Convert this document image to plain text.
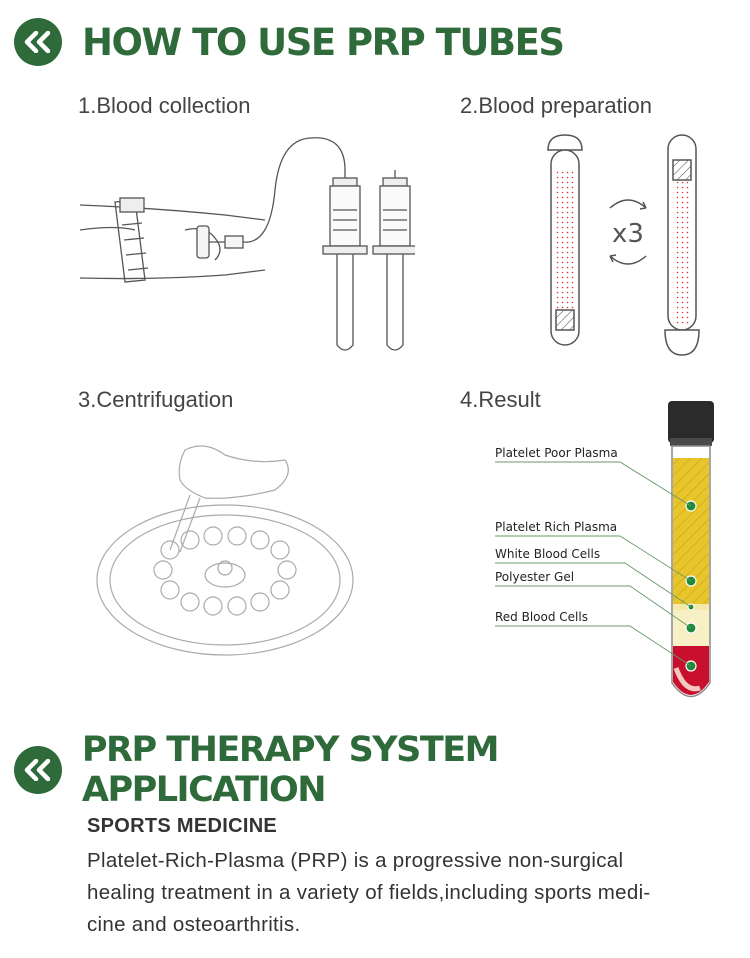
HOW TO USE PRP TUBES
1.Blood collection	2.Blood preparation
3.Centrifugation	4.Result
x3
Platelet Poor Plasma
Platelet Rich Plasma
White Blood Cells
Polyester Gel
Red Blood Cells
PRP THERAPY SYSTEM APPLICATION
SPORTS MEDICINE
Platelet-Rich-Plasma (PRP) is a progressive non-surgical
healing treatment in a variety of fields,including sports medi-
cine and osteoarthritis.
